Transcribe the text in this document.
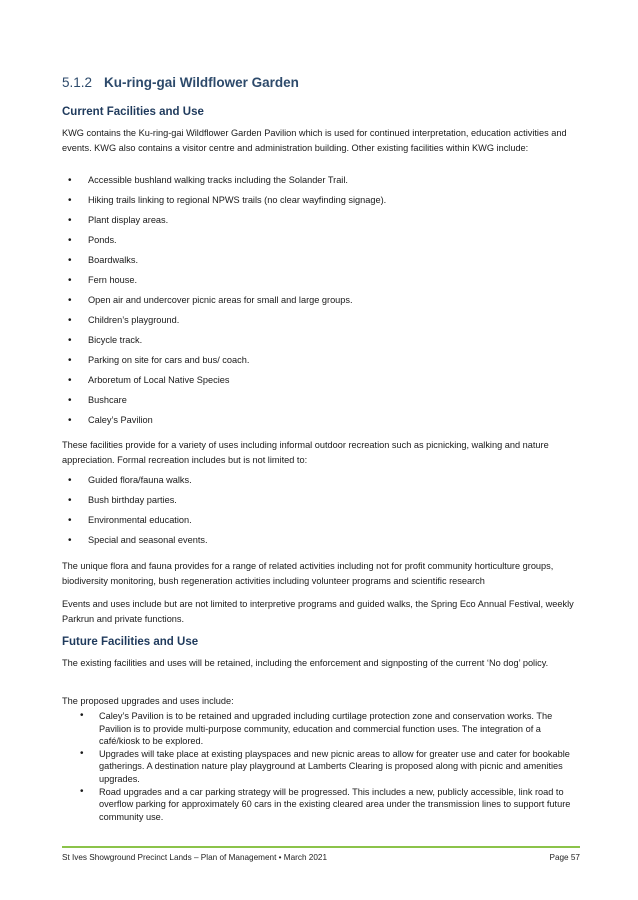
5.1.2 Ku-ring-gai Wildflower Garden
Current Facilities and Use

KWG contains the Ku-ring-gai Wildflower Garden Pavilion which is used for continued interpretation, education activities and events. KWG also contains a visitor centre and administration building. Other existing facilities within KWG include:

• Accessible bushland walking tracks including the Solander Trail.
• Hiking trails linking to regional NPWS trails (no clear wayfinding signage).
• Plant display areas.
• Ponds.
• Boardwalks.
• Fern house.
• Open air and undercover picnic areas for small and large groups.
• Children’s playground.
• Bicycle track.
• Parking on site for cars and bus/ coach.
• Arboretum of Local Native Species
• Bushcare
• Caley’s Pavilion

These facilities provide for a variety of uses including informal outdoor recreation such as picnicking, walking and nature appreciation. Formal recreation includes but is not limited to:

• Guided flora/fauna walks.
• Bush birthday parties.
• Environmental education.
• Special and seasonal events.

The unique flora and fauna provides for a range of related activities including not for profit community horticulture groups, biodiversity monitoring, bush regeneration activities including volunteer programs and scientific research

Events and uses include but are not limited to interpretive programs and guided walks, the Spring Eco Annual Festival, weekly Parkrun and private functions.

Future Facilities and Use

The existing facilities and uses will be retained, including the enforcement and signposting of the current ‘No dog’ policy.

The proposed upgrades and uses include:

• Caley’s Pavilion is to be retained and upgraded including curtilage protection zone and conservation works. The Pavilion is to provide multi-purpose community, education and commercial function uses. The integration of a café/kiosk to be explored.
• Upgrades will take place at existing playspaces and new picnic areas to allow for greater use and cater for bookable gatherings. A destination nature play playground at Lamberts Clearing is proposed along with picnic and amenities upgrades.
• Road upgrades and a car parking strategy will be progressed. This includes a new, publicly accessible, link road to overflow parking for approximately 60 cars in the existing cleared area under the transmission lines to support future community use.
St Ives Showground Precinct Lands – Plan of Management • March 2021	Page 57
